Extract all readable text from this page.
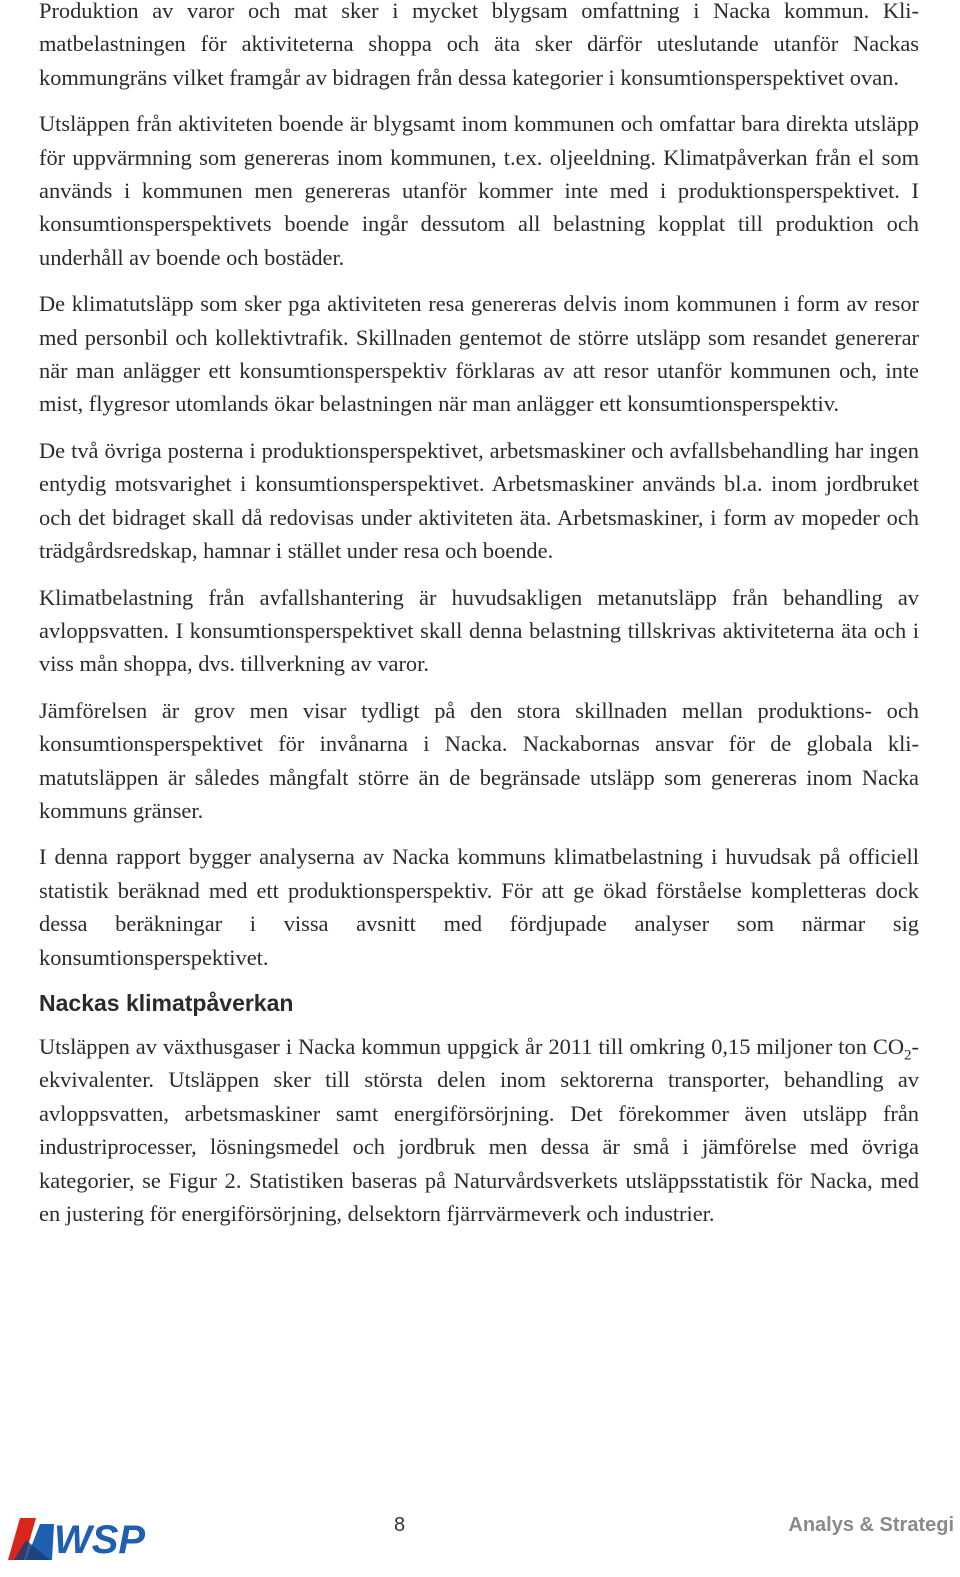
Produktion av varor och mat sker i mycket blygsam omfattning i Nacka kommun. Klimatbelastningen för aktiviteterna shoppa och äta sker därför uteslutande utanför Nackas kommungräns vilket framgår av bidragen från dessa kategorier i konsumtionsperspektivet ovan.

Utsläppen från aktiviteten boende är blygsamt inom kommunen och omfattar bara direkta utsläpp för uppvärmning som genereras inom kommunen, t.ex. oljeeldning. Klimatpåverkan från el som används i kommunen men genereras utanför kommer inte med i produktionsperspektivet. I konsumtionsperspektivets boende ingår dessutom all belastning kopplat till produktion och underhåll av boende och bostäder.

De klimatutsläpp som sker pga aktiviteten resa genereras delvis inom kommunen i form av resor med personbil och kollektivtrafik. Skillnaden gentemot de större utsläpp som resandet genererar när man anlägger ett konsumtionsperspektiv förklaras av att resor utanför kommunen och, inte mist, flygresor utomlands ökar belastningen när man anlägger ett konsumtionsperspektiv.

De två övriga posterna i produktionsperspektivet, arbetsmaskiner och avfallsbehandling har ingen entydig motsvarighet i konsumtionsperspektivet. Arbetsmaskiner används bl.a. inom jordbruket och det bidraget skall då redovisas under aktiviteten äta. Arbetsmaskiner, i form av mopeder och trädgårdsredskap, hamnar i stället under resa och boende.

Klimatbelastning från avfallshantering är huvudsakligen metanutsläpp från behandling av avloppsvatten. I konsumtionsperspektivet skall denna belastning tillskrivas aktiviteterna äta och i viss mån shoppa, dvs. tillverkning av varor.

Jämförelsen är grov men visar tydligt på den stora skillnaden mellan produktions- och konsumtionsperspektivet för invånarna i Nacka. Nackabornas ansvar för de globala klimatutsläppen är således mångfalt större än de begränsade utsläpp som genereras inom Nacka kommuns gränser.

I denna rapport bygger analyserna av Nacka kommuns klimatbelastning i huvudsak på officiell statistik beräknad med ett produktionsperspektiv. För att ge ökad förståelse kompletteras dock dessa beräkningar i vissa avsnitt med fördjupade analyser som närmar sig konsumtionsperspektivet.

Nackas klimatpåverkan

Utsläppen av växthusgaser i Nacka kommun uppgick år 2011 till omkring 0,15 miljoner ton $CO_2$-ekvivalenter. Utsläppen sker till största delen inom sektorerna transporter, behandling av avloppsvatten, arbetsmaskiner samt energiförsörjning. Det förekommer även utsläpp från industriprocesser, lösningsmedel och jordbruk men dessa är små i jämförelse med övriga kategorier, se Figur 2. Statistiken baseras på Naturvårdsverkets utsläppsstatistik för Nacka, med en justering för energiförsörjning, delsektorn fjärrvärmeverk och industrier.

WSP	8	Analys & Strategi
